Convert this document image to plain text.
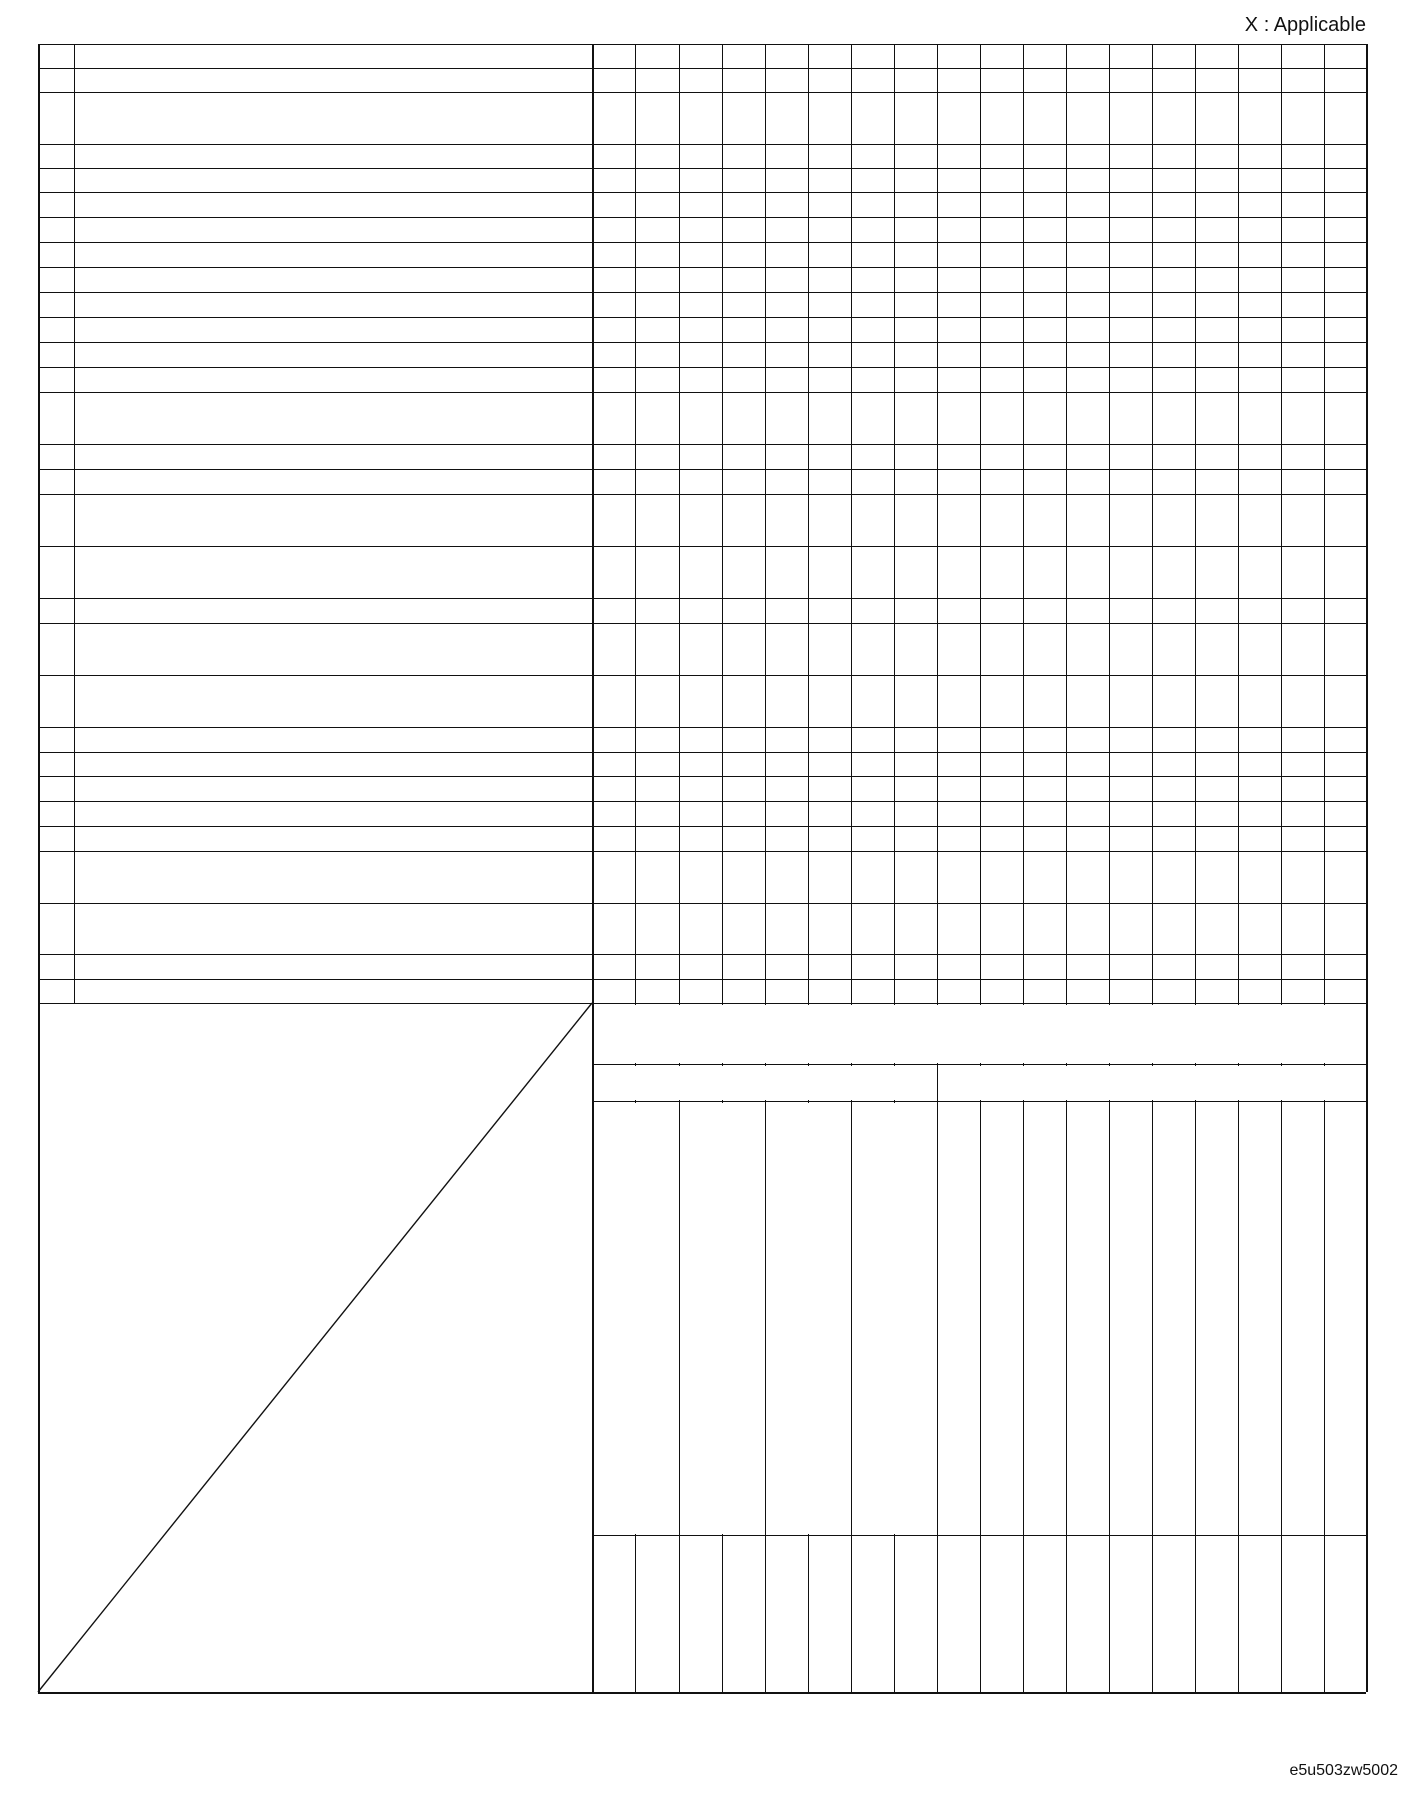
X : Applicable
e5u503zw5002
